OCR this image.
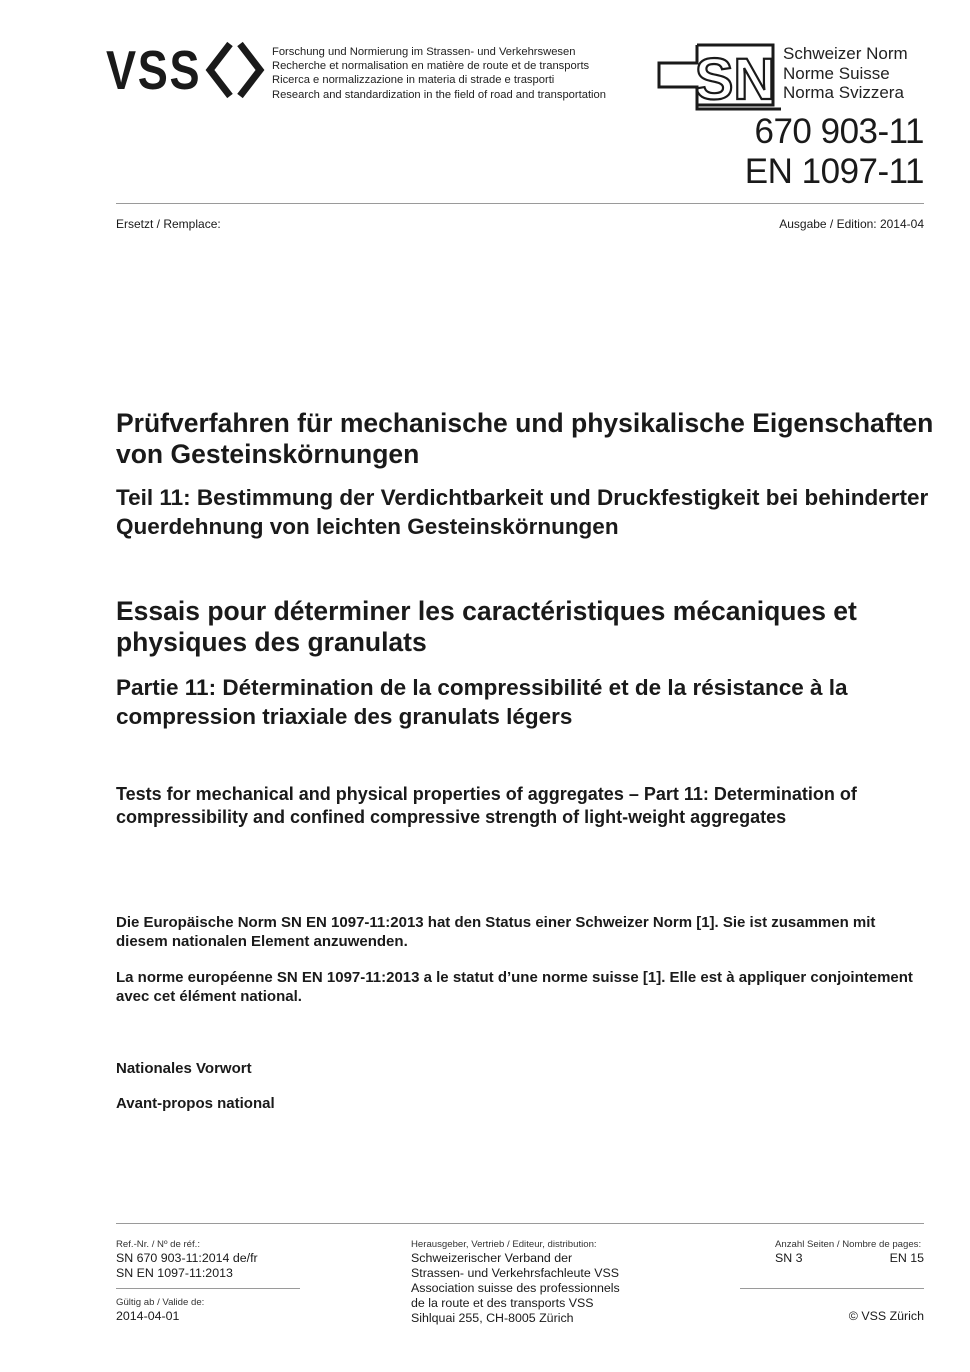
VSS	Forschung und Normierung im Strassen- und Verkehrswesen
Recherche et normalisation en matière de route et de transports
Ricerca e normalizzazione in materia di strade e trasporti
Research and standardization in the field of road and transportation SN Schweizer Norm
Norme Suisse
Norma Svizzera
670 903-11
EN 1097-11
Ersetzt / Remplace:	Ausgabe / Edition: 2014-04
Prüfverfahren für mechanische und physikalische Eigenschaften von Gesteinskörnungen
Teil 11: Bestimmung der Verdichtbarkeit und Druckfestigkeit bei behinderter Querdehnung von leichten Gesteinskörnungen
Essais pour déterminer les caractéristiques mécaniques et physiques des granulats
Partie 11: Détermination de la compressibilité et de la résistance à la compression triaxiale des granulats légers
Tests for mechanical and physical properties of aggregates – Part 11: Determination of compressibility and confined compressive strength of light-weight aggregates
Die Europäische Norm SN EN 1097-11:2013 hat den Status einer Schweizer Norm [1]. Sie ist zusammen mit diesem nationalen Element anzuwenden.
La norme européenne SN EN 1097-11:2013 a le statut d’une norme suisse [1]. Elle est à appliquer conjointement avec cet élément national.
Nationales Vorwort
Avant-propos national
Ref.-Nr. / Nº de réf.:
SN 670 903-11:2014 de/fr
SN EN 1097-11:2013
Gültig ab / Valide de:
2014-04-01
Herausgeber, Vertrieb / Editeur, distribution:
Schweizerischer Verband der
Strassen- und Verkehrsfachleute VSS
Association suisse des professionnels
de la route et des transports VSS
Sihlquai 255, CH-8005 Zürich
Anzahl Seiten / Nombre de pages:
SN 3	EN 15
© VSS Zürich
